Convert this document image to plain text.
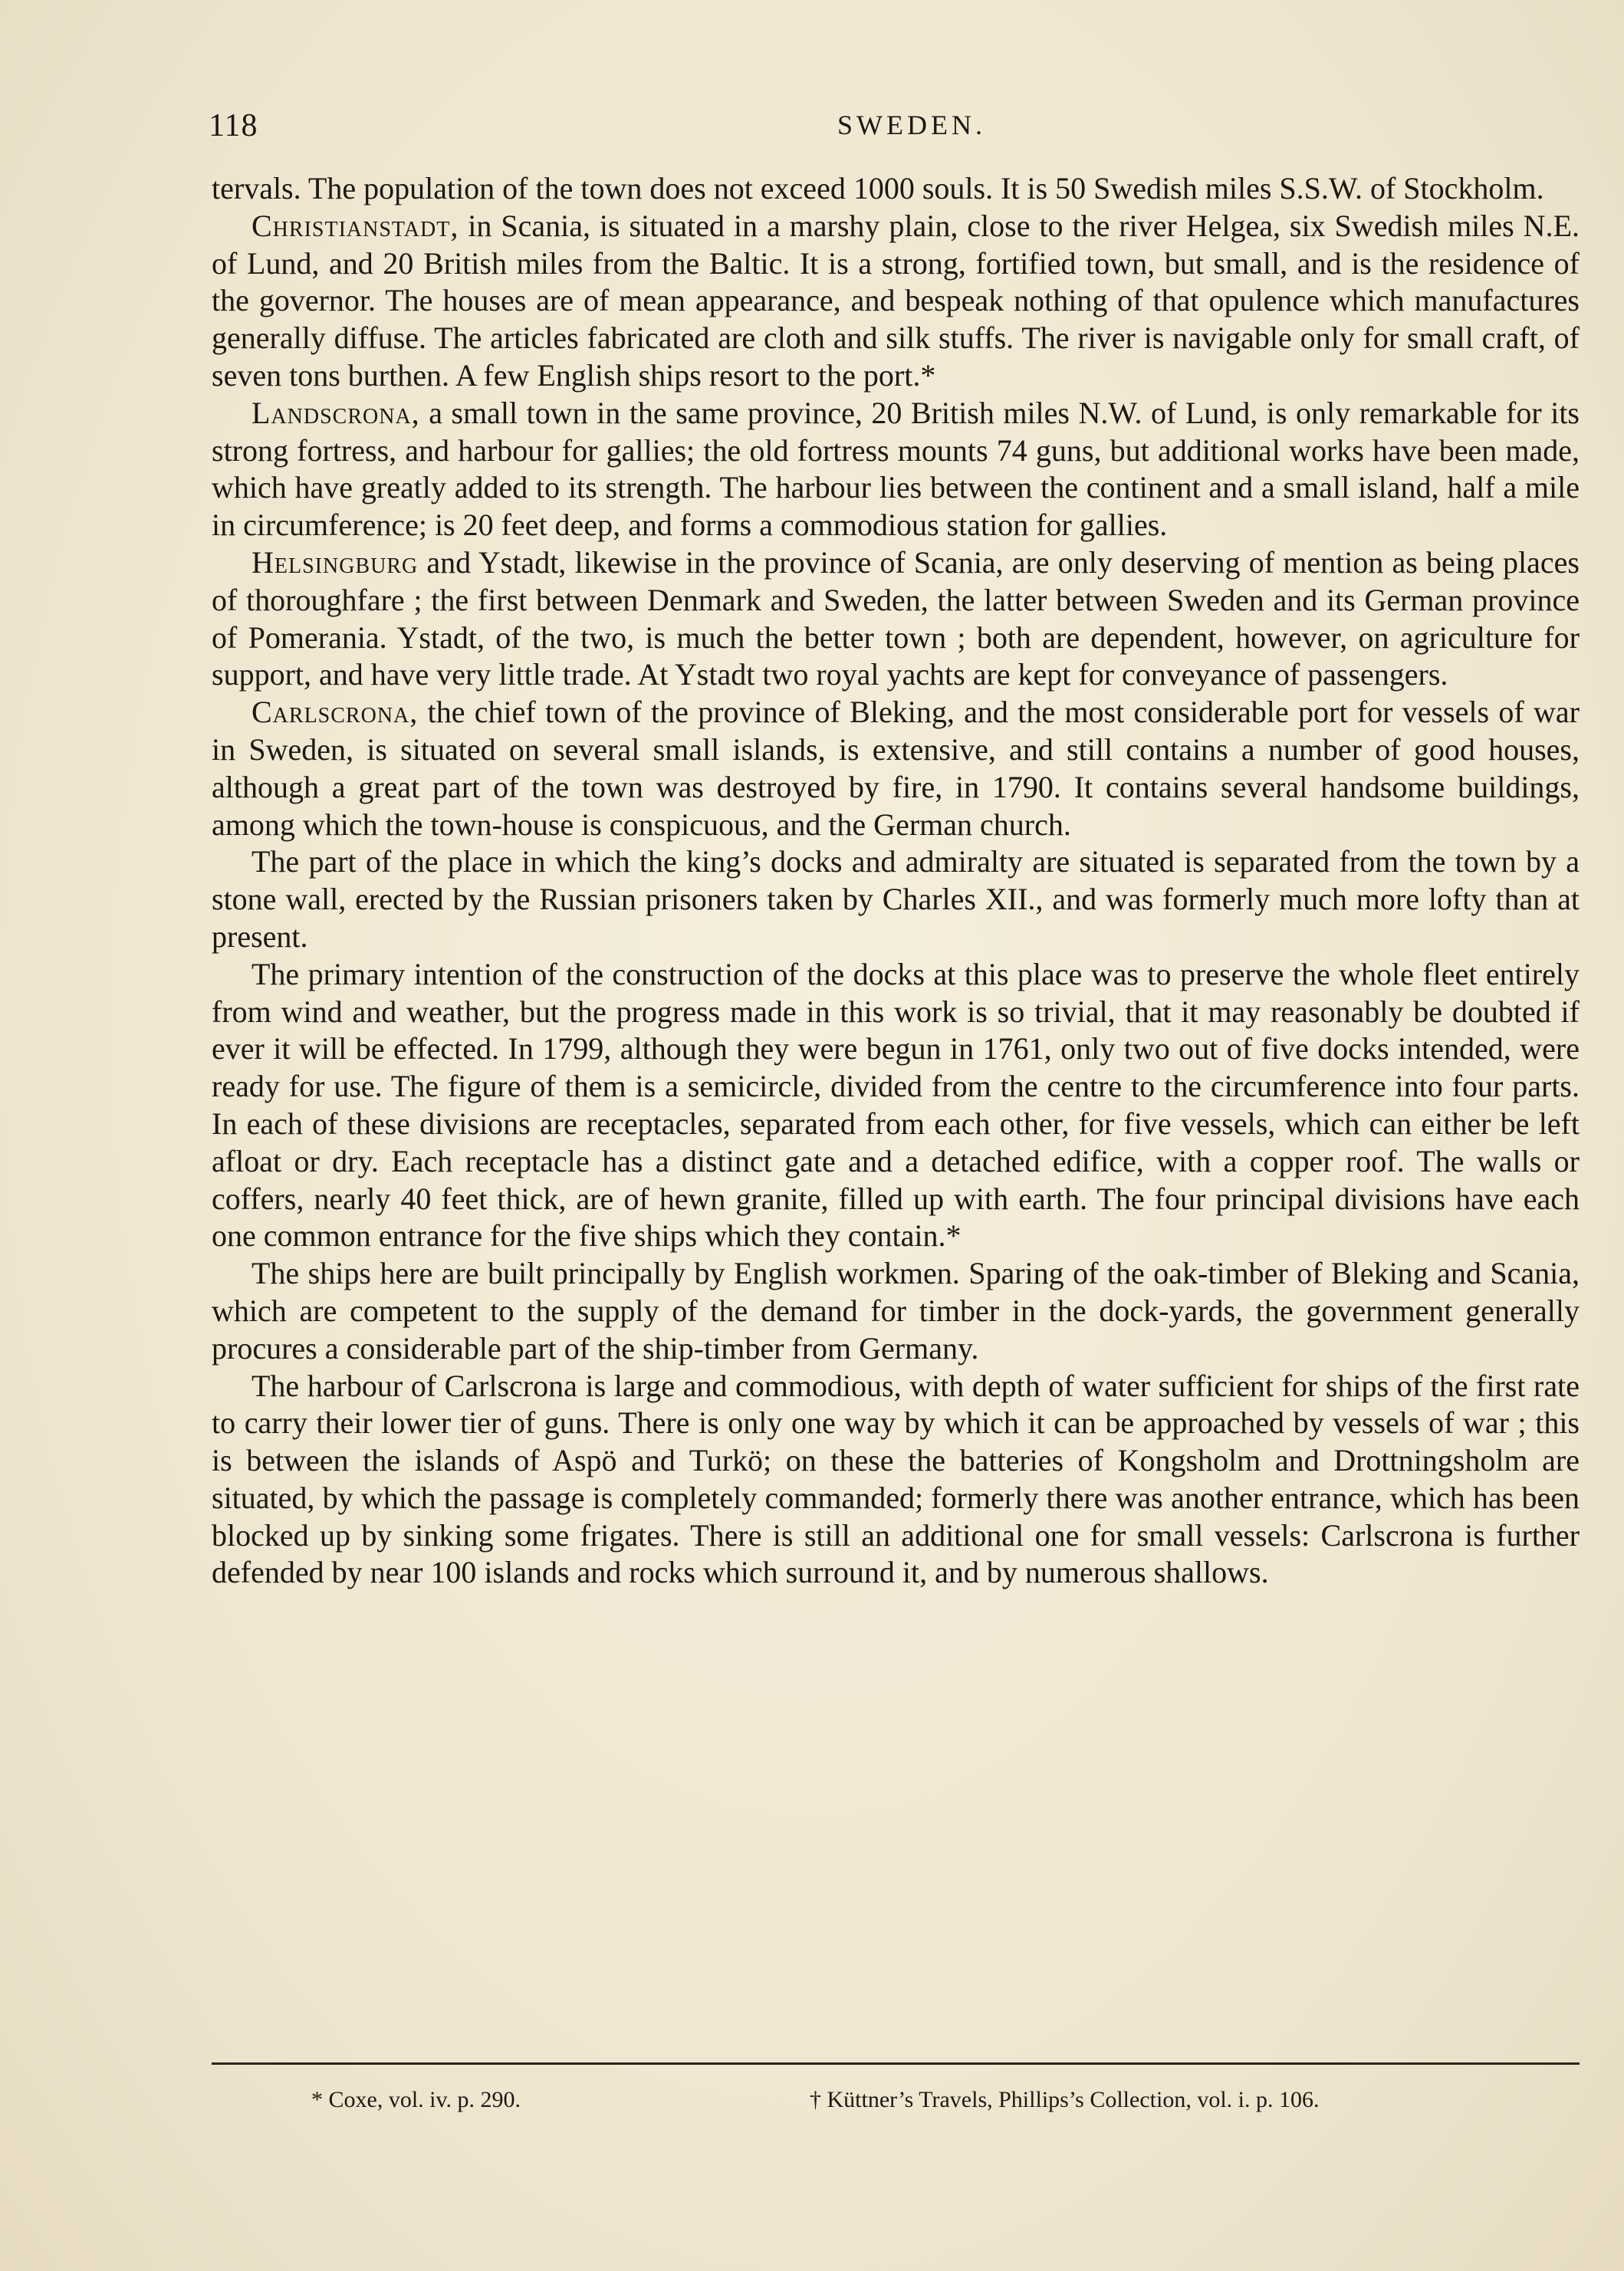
118	SWEDEN.

tervals. The population of the town does not exceed 1000 souls. It is 50 Swedish miles S.S.W. of Stockholm.

Christianstadt, in Scania, is situated in a marshy plain, close to the river Helgea, six Swedish miles N.E. of Lund, and 20 British miles from the Baltic. It is a strong, fortified town, but small, and is the residence of the governor. The houses are of mean appearance, and bespeak nothing of that opulence which manufactures generally diffuse. The articles fabricated are cloth and silk stuffs. The river is navigable only for small craft, of seven tons burthen. A few English ships resort to the port.*

Landscrona, a small town in the same province, 20 British miles N.W. of Lund, is only remarkable for its strong fortress, and harbour for gallies; the old fortress mounts 74 guns, but additional works have been made, which have greatly added to its strength. The harbour lies between the continent and a small island, half a mile in circumference; is 20 feet deep, and forms a commodious station for gallies.

Helsingburg and Ystadt, likewise in the province of Scania, are only deserving of mention as being places of thoroughfare ; the first between Denmark and Sweden, the latter between Sweden and its German province of Pomerania. Ystadt, of the two, is much the better town ; both are dependent, however, on agriculture for support, and have very little trade. At Ystadt two royal yachts are kept for conveyance of passengers.

Carlscrona, the chief town of the province of Bleking, and the most considerable port for vessels of war in Sweden, is situated on several small islands, is extensive, and still contains a number of good houses, although a great part of the town was destroyed by fire, in 1790. It contains several handsome buildings, among which the town-house is conspicuous, and the German church.

The part of the place in which the king’s docks and admiralty are situated is separated from the town by a stone wall, erected by the Russian prisoners taken by Charles XII., and was formerly much more lofty than at present.

The primary intention of the construction of the docks at this place was to preserve the whole fleet entirely from wind and weather, but the progress made in this work is so trivial, that it may reasonably be doubted if ever it will be effected. In 1799, although they were begun in 1761, only two out of five docks intended, were ready for use. The figure of them is a semicircle, divided from the centre to the circumference into four parts. In each of these divisions are receptacles, separated from each other, for five vessels, which can either be left afloat or dry. Each receptacle has a distinct gate and a detached edifice, with a copper roof. The walls or coffers, nearly 40 feet thick, are of hewn granite, filled up with earth. The four principal divisions have each one common entrance for the five ships which they contain.*

The ships here are built principally by English workmen. Sparing of the oak-timber of Bleking and Scania, which are competent to the supply of the demand for timber in the dock-yards, the government generally procures a considerable part of the ship-timber from Germany.

The harbour of Carlscrona is large and commodious, with depth of water sufficient for ships of the first rate to carry their lower tier of guns. There is only one way by which it can be approached by vessels of war ; this is between the islands of Aspö and Turkö; on these the batteries of Kongsholm and Drottningsholm are situated, by which the passage is completely commanded; formerly there was another entrance, which has been blocked up by sinking some frigates. There is still an additional one for small vessels: Carlscrona is further defended by near 100 islands and rocks which surround it, and by numerous shallows.

* Coxe, vol. iv. p. 290.	† Küttner’s Travels, Phillips’s Collection, vol. i. p. 106.
